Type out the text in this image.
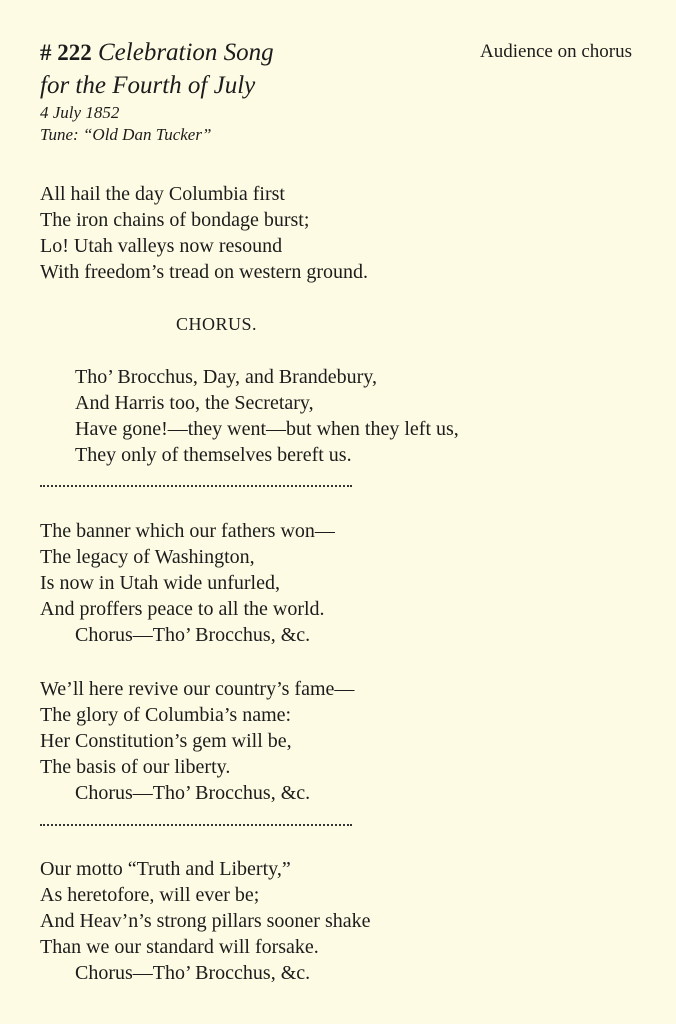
# 222 Celebration Song
for the Fourth of July
4 July 1852
Tune: “Old Dan Tucker”
Audience on chorus
All hail the day Columbia first
The iron chains of bondage burst;
Lo! Utah valleys now resound
With freedom’s tread on western ground.
CHORUS.
Tho’ Brocchus, Day, and Brandebury,
And Harris too, the Secretary,
Have gone!—they went—but when they left us,
They only of themselves bereft us.
The banner which our fathers won—
The legacy of Washington,
Is now in Utah wide unfurled,
And proffers peace to all the world.
Chorus—Tho’ Brocchus, &c.
We’ll here revive our country’s fame—
The glory of Columbia’s name:
Her Constitution’s gem will be,
The basis of our liberty.
Chorus—Tho’ Brocchus, &c.
Our motto “Truth and Liberty,”
As heretofore, will ever be;
And Heav’n’s strong pillars sooner shake
Than we our standard will forsake.
Chorus—Tho’ Brocchus, &c.
